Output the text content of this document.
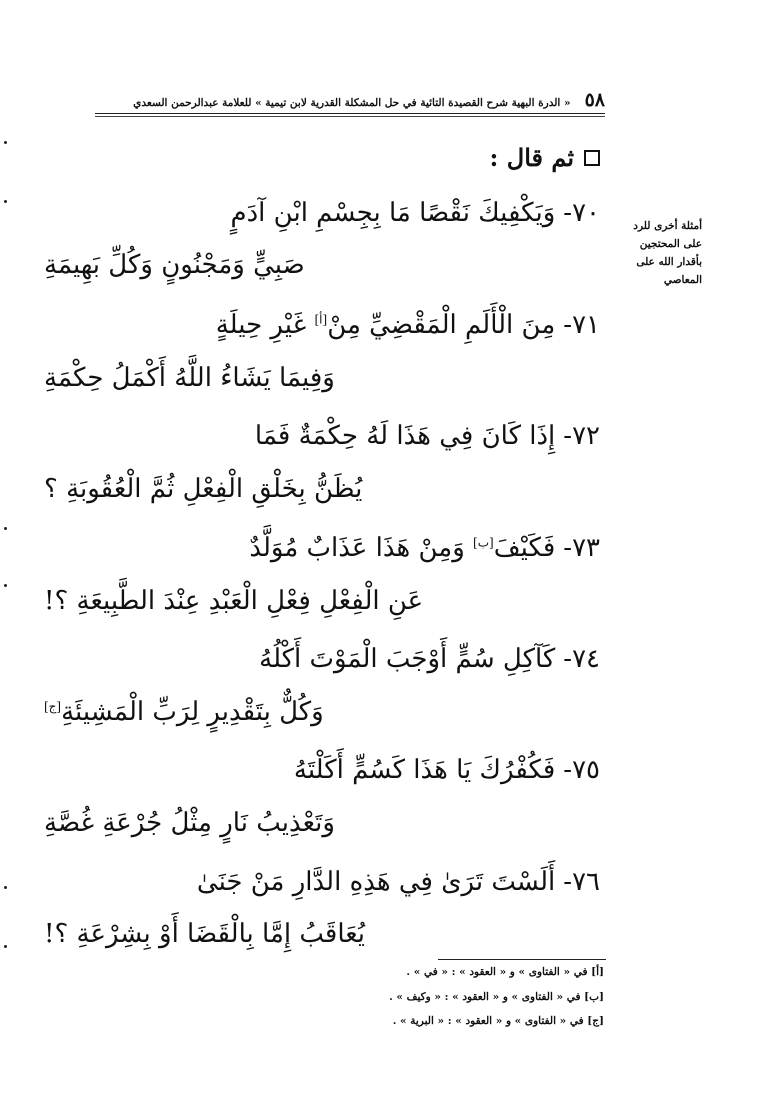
٥٨
« الدرة البهية شرح القصيدة التائية في حل المشكلة القدرية لابن تيمية » للعلامة عبدالرحمن السعدي
ثم قال :
أمثلة أخرى للرد
على المحتجين
بأقدار الله على
المعاصي
٧٠-وَيَكْفِيكَ نَقْصًا مَا بِجِسْمِ ابْنِ آدَمٍ
صَبِيٍّ وَمَجْنُونٍ وَكُلِّ بَهِيمَةِ
٧١-مِنَ الْأَلَمِ الْمَقْضِيِّ مِنْ[أ] غَيْرِ حِيلَةٍ
وَفِيمَا يَشَاءُ اللَّهُ أَكْمَلُ حِكْمَةِ
٧٢-إِذَا كَانَ فِي هَذَا لَهُ حِكْمَةٌ فَمَا
يُظَنُّ بِخَلْقِ الْفِعْلِ ثُمَّ الْعُقُوبَةِ ؟
٧٣-فَكَيْفَ[ب] وَمِنْ هَذَا عَذَابٌ مُوَلَّدٌ
عَنِ الْفِعْلِ فِعْلِ الْعَبْدِ عِنْدَ الطَّبِيعَةِ ؟!
٧٤-كَآكِلِ سُمٍّ أَوْجَبَ الْمَوْتَ أَكْلُهُ
وَكُلٌّ بِتَقْدِيرٍ لِرَبِّ الْمَشِيئَةِ[ج]
٧٥-فَكُفْرُكَ يَا هَذَا كَسُمٍّ أَكَلْتَهُ
وَتَعْذِيبُ نَارٍ مِثْلُ جُرْعَةِ غُصَّةِ
٧٦-أَلَسْتَ تَرَىٰ فِي هَذِهِ الدَّارِ مَنْ جَنَىٰ
يُعَاقَبُ إِمَّا بِالْقَضَا أَوْ بِشِرْعَةِ ؟!
[أ] في « الفتاوى » و « العقود » : « في » .
[ب] في « الفتاوى » و « العقود » : « وكيف » .
[ج] في « الفتاوى » و « العقود » : « البرية » .
